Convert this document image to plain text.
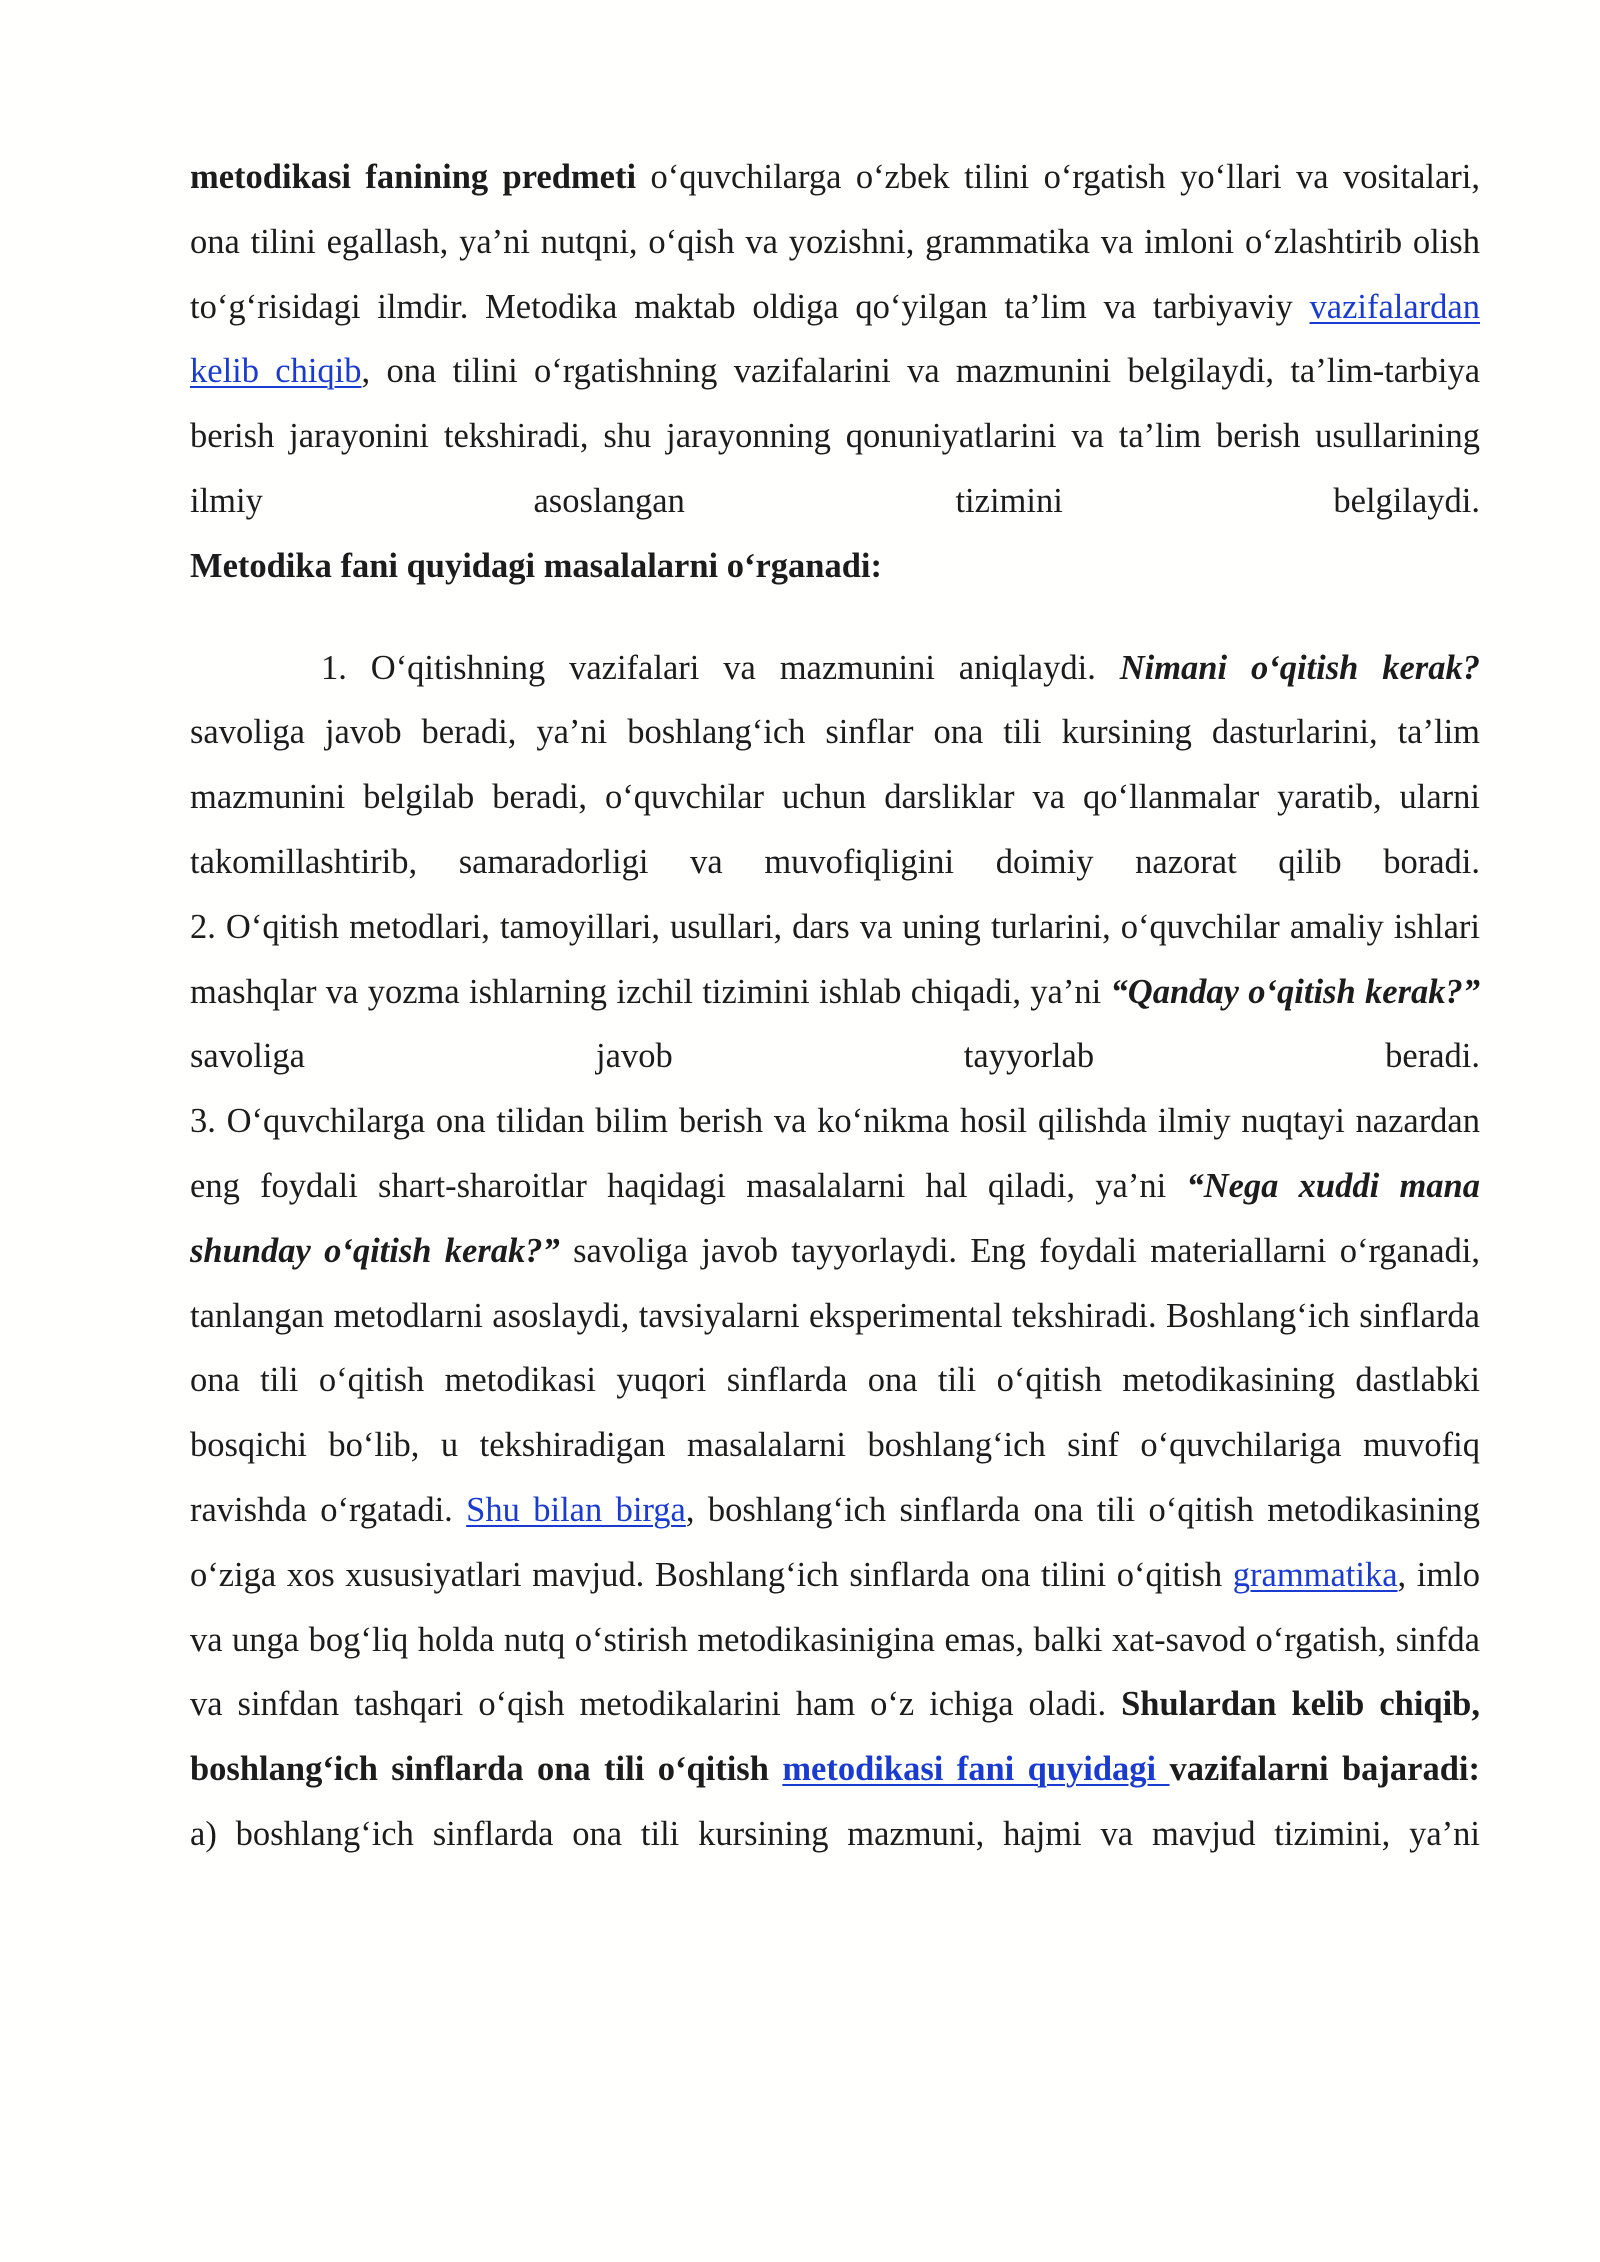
metodikasi fanining predmeti o‘quvchilarga o‘zbek tilini o‘rgatish yo‘llari va vositalari, ona tilini egallash, ya’ni nutqni, o‘qish va yozishni, grammatika va imloni o‘zlashtirib olish to‘g‘risidagi ilmdir. Metodika maktab oldiga qo‘yilgan ta’lim va tarbiyaviy vazifalardan kelib chiqib, ona tilini o‘rgatishning vazifalarini va mazmunini belgilaydi, ta’lim-tarbiya berish jarayonini tekshiradi, shu jarayonning qonuniyatlarini va ta’lim berish usullarining ilmiy asoslangan tizimini belgilaydi.

Metodika fani quyidagi masalalarni o‘rganadi:

1. O‘qitishning vazifalari va mazmunini aniqlaydi. Nimani o‘qitish kerak? savoliga javob beradi, ya’ni boshlang‘ich sinflar ona tili kursining dasturlarini, ta’lim mazmunini belgilab beradi, o‘quvchilar uchun darsliklar va qo‘llanmalar yaratib, ularni takomillashtirib, samaradorligi va muvofiqligini doimiy nazorat qilib boradi.

2. O‘qitish metodlari, tamoyillari, usullari, dars va uning turlarini, o‘quvchilar amaliy ishlari mashqlar va yozma ishlarning izchil tizimini ishlab chiqadi, ya’ni “Qanday o‘qitish kerak?” savoliga javob tayyorlab beradi.

3. O‘quvchilarga ona tilidan bilim berish va ko‘nikma hosil qilishda ilmiy nuqtayi nazardan eng foydali shart-sharoitlar haqidagi masalalarni hal qiladi, ya’ni “Nega xuddi mana shunday o‘qitish kerak?” savoliga javob tayyorlaydi. Eng foydali materiallarni o‘rganadi, tanlangan metodlarni asoslaydi, tavsiyalarni eksperimental tekshiradi. Boshlang‘ich sinflarda ona tili o‘qitish metodikasi yuqori sinflarda ona tili o‘qitish metodikasining dastlabki bosqichi bo‘lib, u tekshiradigan masalalarni boshlang‘ich sinf o‘quvchilariga muvofiq ravishda o‘rgatadi. Shu bilan birga, boshlang‘ich sinflarda ona tili o‘qitish metodikasining o‘ziga xos xususiyatlari mavjud. Boshlang‘ich sinflarda ona tilini o‘qitish grammatika, imlo va unga bog‘liq holda nutq o‘stirish metodikasinigina emas, balki xat-savod o‘rgatish, sinfda va sinfdan tashqari o‘qish metodikalarini ham o‘z ichiga oladi. Shulardan kelib chiqib, boshlang‘ich sinflarda ona tili o‘qitish metodikasi fani quyidagi vazifalarni bajaradi:

a) boshlang‘ich sinflarda ona tili kursining mazmuni, hajmi va mavjud tizimini, ya’ni
